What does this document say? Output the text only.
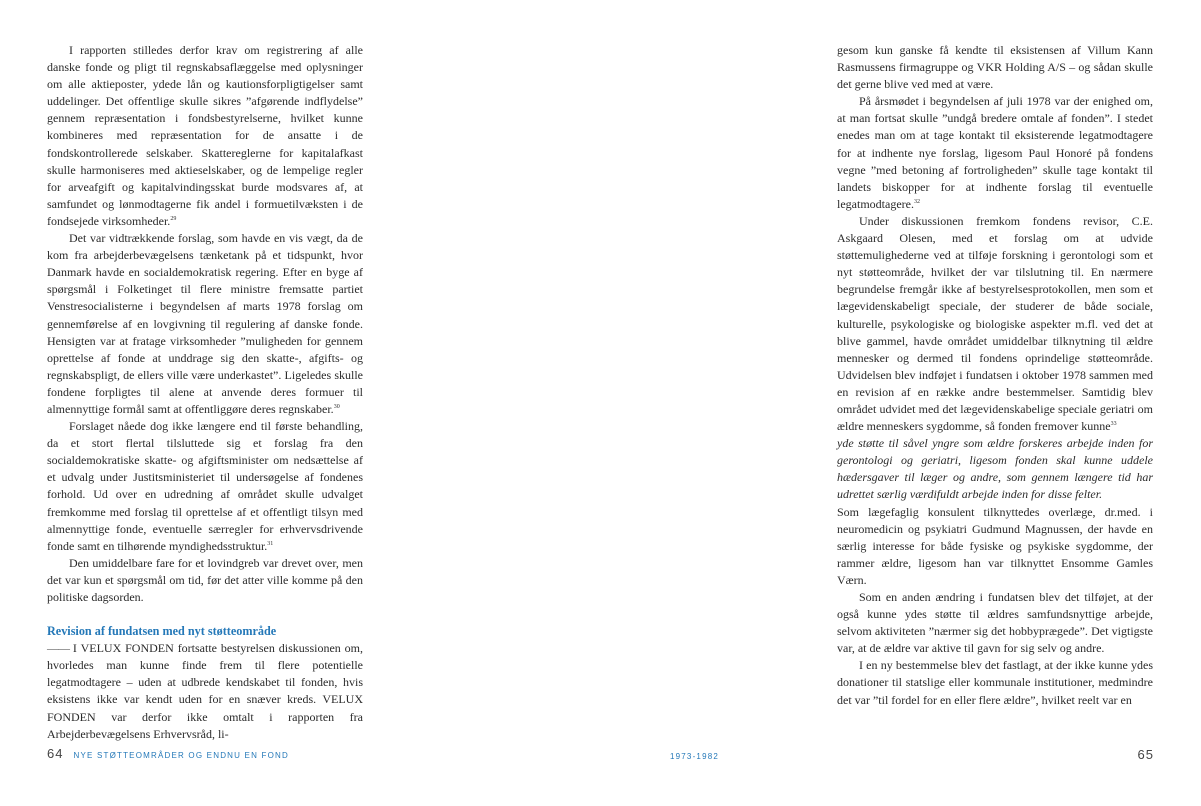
I rapporten stilledes derfor krav om registrering af alle danske fonde og pligt til regnskabsaflæggelse med oplysninger om alle aktieposter, ydede lån og kautionsforpligtigelser samt uddelinger. Det offentlige skulle sikres ”afgørende indflydelse” gennem repræsentation i fondsbestyrelserne, hvilket kunne kombineres med repræsentation for de ansatte i de fondskontrollerede selskaber. Skattereglerne for kapitalafkast skulle harmoniseres med aktieselskaber, og de lempelige regler for arveafgift og kapitalvindingsskat burde modsvares af, at samfundet og lønmodtagerne fik andel i formuetilvæksten i de fondsejede virksomheder.$^{29}$

Det var vidtrækkende forslag, som havde en vis vægt, da de kom fra arbejderbevægelsens tænketank på et tidspunkt, hvor Danmark havde en socialdemokratisk regering. Efter en byge af spørgsmål i Folketinget til flere ministre fremsatte partiet Venstresocialisterne i begyndelsen af marts 1978 forslag om gennemførelse af en lovgivning til regulering af danske fonde. Hensigten var at fratage virksomheder ”muligheden for gennem oprettelse af fonde at unddrage sig den skatte-, afgifts- og regnskabspligt, de ellers ville være underkastet”. Ligeledes skulle fondene forpligtes til alene at anvende deres formuer til almennyttige formål samt at offentliggøre deres regnskaber.$^{30}$

Forslaget nåede dog ikke længere end til første behandling, da et stort flertal tilsluttede sig et forslag fra den socialdemokratiske skatte- og afgiftsminister om nedsættelse af et udvalg under Justitsministeriet til undersøgelse af fondenes forhold. Ud over en udredning af området skulle udvalget fremkomme med forslag til oprettelse af et offentligt tilsyn med almennyttige fonde, eventuelle særregler for erhvervsdrivende fonde samt en tilhørende myndighedsstruktur.$^{31}$

Den umiddelbare fare for et lovindgreb var drevet over, men det var kun et spørgsmål om tid, før det atter ville komme på den politiske dagsorden.

Revision af fundatsen med nyt støtteområde

—— I VELUX FONDEN fortsatte bestyrelsen diskussionen om, hvorledes man kunne finde frem til flere potentielle legatmodtagere – uden at udbrede kendskabet til fonden, hvis eksistens ikke var kendt uden for en snæver kreds. VELUX FONDEN var derfor ikke omtalt i rapporten fra Arbejderbevægelsens Erhvervsråd, li-

gesom kun ganske få kendte til eksistensen af Villum Kann Rasmussens firmagruppe og VKR Holding A/S – og sådan skulle det gerne blive ved med at være.

På årsmødet i begyndelsen af juli 1978 var der enighed om, at man fortsat skulle ”undgå bredere omtale af fonden”. I stedet enedes man om at tage kontakt til eksisterende legatmodtagere for at indhente nye forslag, ligesom Paul Honoré på fondens vegne ”med betoning af fortroligheden” skulle tage kontakt til landets biskopper for at indhente forslag til eventuelle legatmodtagere.$^{32}$

Under diskussionen fremkom fondens revisor, C.E. Askgaard Olesen, med et forslag om at udvide støttemulighederne ved at tilføje forskning i gerontologi som et nyt støtteområde, hvilket der var tilslutning til. En nærmere begrundelse fremgår ikke af bestyrelsesprotokollen, men som et lægevidenskabeligt speciale, der studerer de både sociale, kulturelle, psykologiske og biologiske aspekter m.fl. ved det at blive gammel, havde området umiddelbar tilknytning til ældre mennesker og dermed til fondens oprindelige støtteområde. Udvidelsen blev indføjet i fundatsen i oktober 1978 sammen med en revision af en række andre bestemmelser. Samtidig blev området udvidet med det lægevidenskabelige speciale geriatri om ældre menneskers sygdomme, så fonden fremover kunne$^{33}$

yde støtte til såvel yngre som ældre forskeres arbejde inden for gerontologi og geriatri, ligesom fonden skal kunne uddele hædersgaver til læger og andre, som gennem længere tid har udrettet særlig værdifuldt arbejde inden for disse felter.

Som lægefaglig konsulent tilknyttedes overlæge, dr.med. i neuromedicin og psykiatri Gudmund Magnussen, der havde en særlig interesse for både fysiske og psykiske sygdomme, der rammer ældre, ligesom han var tilknyttet Ensomme Gamles Værn.

Som en anden ændring i fundatsen blev det tilføjet, at der også kunne ydes støtte til ældres samfundsnyttige arbejde, selvom aktiviteten ”nærmer sig det hobbyprægede”. Det vigtigste var, at de ældre var aktive til gavn for sig selv og andre.

I en ny bestemmelse blev det fastlagt, at der ikke kunne ydes donationer til statslige eller kommunale institutioner, medmindre det var ”til fordel for en eller flere ældre”, hvilket reelt var en

64 NYE STØTTEOMRÅDER OG ENDNU EN FOND	1973-1982	65
